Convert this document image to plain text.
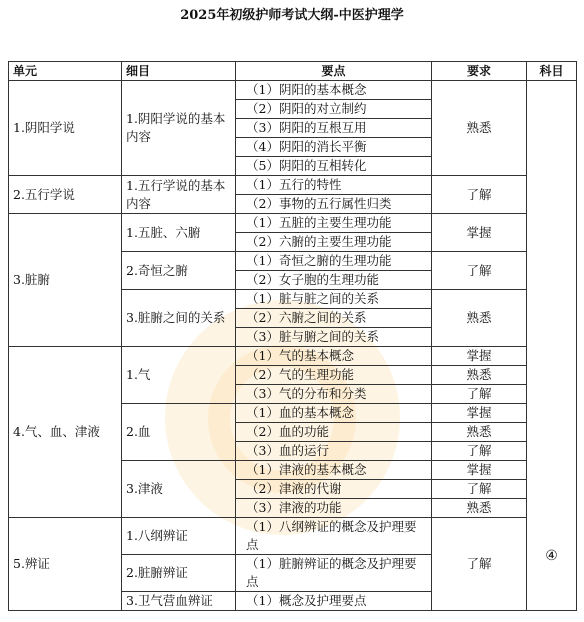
2025年初级护师考试大纲-中医护理学
单元	细目	要点	要求	科目
1.阴阳学说	1.阴阳学说的基本内容	（1）阴阳的基本概念	熟悉	④
		（2）阴阳的对立制约		
		（3）阴阳的互根互用		
		（4）阴阳的消长平衡		
		（5）阴阳的互相转化		
2.五行学说	1.五行学说的基本内容	（1）五行的特性	了解	
		（2）事物的五行属性归类		
3.脏腑	1.五脏、六腑	（1）五脏的主要生理功能	掌握	
		（2）六腑的主要生理功能		
	2.奇恒之腑	（1）奇恒之腑的生理功能	了解	
		（2）女子胞的生理功能		
	3.脏腑之间的关系	（1）脏与脏之间的关系	熟悉	
		（2）六腑之间的关系		
		（3）脏与腑之间的关系		
4.气、血、津液	1.气	（1）气的基本概念	掌握	
		（2）气的生理功能	熟悉	
		（3）气的分布和分类	了解	
	2.血	（1）血的基本概念	掌握	
		（2）血的功能	熟悉	
		（3）血的运行	了解	
	3.津液	（1）津液的基本概念	掌握	
		（2）津液的代谢	了解	
		（3）津液的功能	熟悉	
5.辨证	1.八纲辨证	（1）八纲辨证的概念及护理要点	了解	
	2.脏腑辨证	（1）脏腑辨证的概念及护理要点		
	3.卫气营血辨证	（1）概念及护理要点		
